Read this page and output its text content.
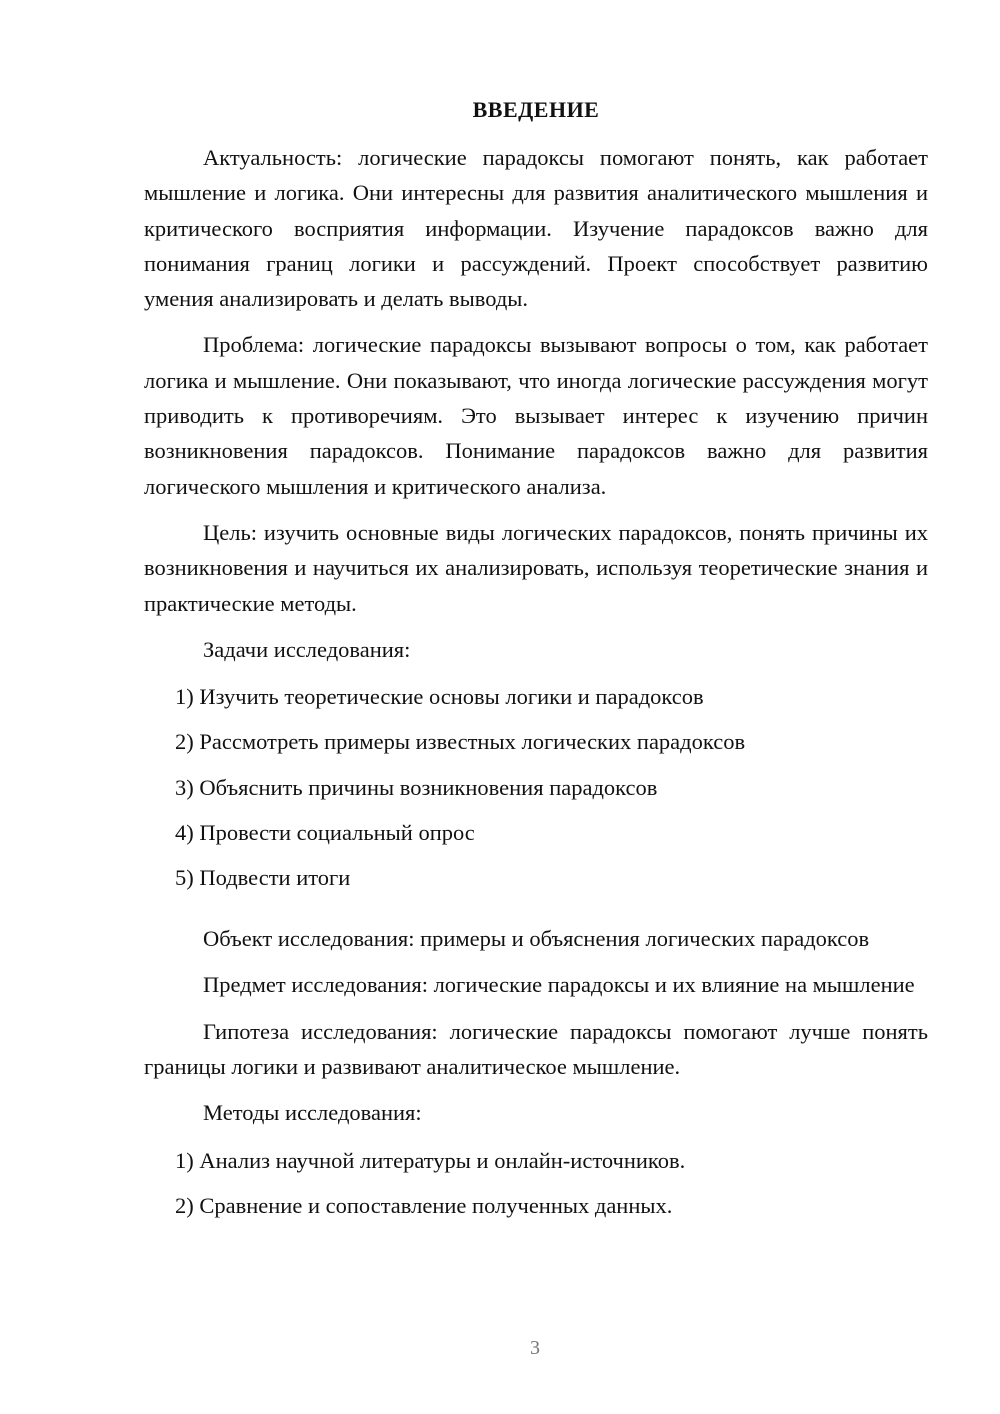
ВВЕДЕНИЕ

Актуальность: логические парадоксы помогают понять, как работает мышление и логика. Они интересны для развития аналитического мышления и критического восприятия информации. Изучение парадоксов важно для понимания границ логики и рассуждений. Проект способствует развитию умения анализировать и делать выводы.

Проблема: логические парадоксы вызывают вопросы о том, как работает логика и мышление. Они показывают, что иногда логические рассуждения могут приводить к противоречиям. Это вызывает интерес к изучению причин возникновения парадоксов. Понимание парадоксов важно для развития логического мышления и критического анализа.

Цель: изучить основные виды логических парадоксов, понять причины их возникновения и научиться их анализировать, используя теоретические знания и практические методы.

Задачи исследования:

1) Изучить теоретические основы логики и парадоксов

2) Рассмотреть примеры известных логических парадоксов

3) Объяснить причины возникновения парадоксов

4) Провести социальный опрос

5) Подвести итоги

Объект исследования: примеры и объяснения логических парадоксов

Предмет исследования: логические парадоксы и их влияние на мышление

Гипотеза исследования: логические парадоксы помогают лучше понять границы логики и развивают аналитическое мышление.

Методы исследования:

1) Анализ научной литературы и онлайн-источников.

2) Сравнение и сопоставление полученных данных.

3
